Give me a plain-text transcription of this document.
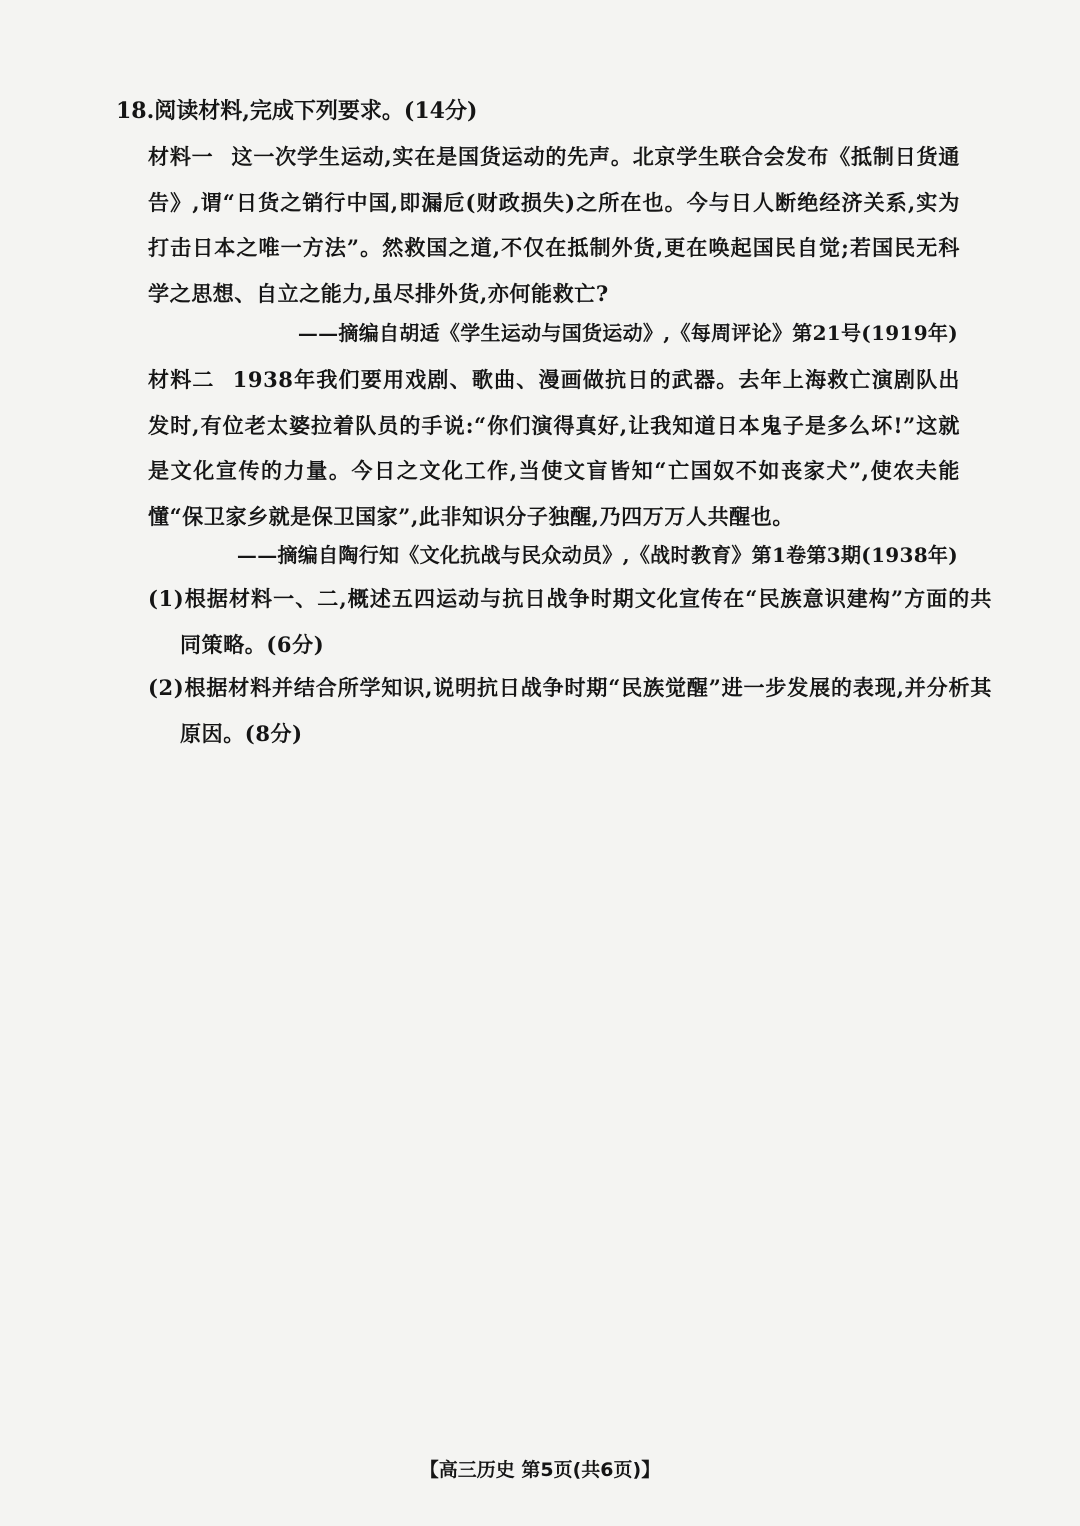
18.阅读材料,完成下列要求。(14分)
材料一 这一次学生运动,实在是国货运动的先声。北京学生联合会发布《抵制日货通告》,谓“日货之销行中国,即漏卮(财政损失)之所在也。今与日人断绝经济关系,实为打击日本之唯一方法”。然救国之道,不仅在抵制外货,更在唤起国民自觉;若国民无科学之思想、自立之能力,虽尽排外货,亦何能救亡?
——摘编自胡适《学生运动与国货运动》,《每周评论》第21号(1919年)
材料二 1938年我们要用戏剧、歌曲、漫画做抗日的武器。去年上海救亡演剧队出发时,有位老太婆拉着队员的手说:“你们演得真好,让我知道日本鬼子是多么坏!”这就是文化宣传的力量。今日之文化工作,当使文盲皆知“亡国奴不如丧家犬”,使农夫能懂“保卫家乡就是保卫国家”,此非知识分子独醒,乃四万万人共醒也。
——摘编自陶行知《文化抗战与民众动员》,《战时教育》第1卷第3期(1938年)
(1)根据材料一、二,概述五四运动与抗日战争时期文化宣传在“民族意识建构”方面的共同策略。(6分)
(2)根据材料并结合所学知识,说明抗日战争时期“民族觉醒”进一步发展的表现,并分析其原因。(8分)
【高三历史 第5页(共6页)】
